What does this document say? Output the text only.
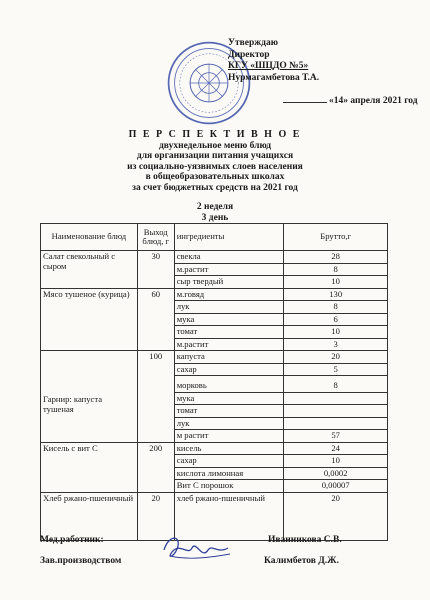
Утверждаю
Директор
КГУ «ШЦДО №5»
Нурмагамбетова Т.А.
«14» апреля 2021 год
П Е Р С П Е К Т И В Н О Е
двухнедельное меню блюд
для организации питания учащихся
из социально-уязвимых слоев населения
в общеобразовательных школах
за счет бюджетных средств на 2021 год
2 неделя
3 день
Наименование блюд	Выход блюд, г	ингредиенты	Брутто,г
Салат свекольный с сыром	30	свекла	28
		м.растит	8
		сыр твердый	10
Мясо тушеное (курица)	60	м.говяд	130
		лук	8
		мука	6
		томат	10
		м.растит	3
Гарнир: капуста тушеная	100	капуста	20
		сахар	5
		морковь	8
		мука	
		томат	
		лук	
		м растит	57
Кисель с вит С	200	кисель	24
		сахар	10
		кислота лимонная	0,0002
		Вит С порошок	0,00007
Хлеб ржано-пшеничный	20	хлеб ржано-пшеничный	20
Мед.работник:	Иванникова С.В.
Зав.производством	Калимбетов Д.Ж.
